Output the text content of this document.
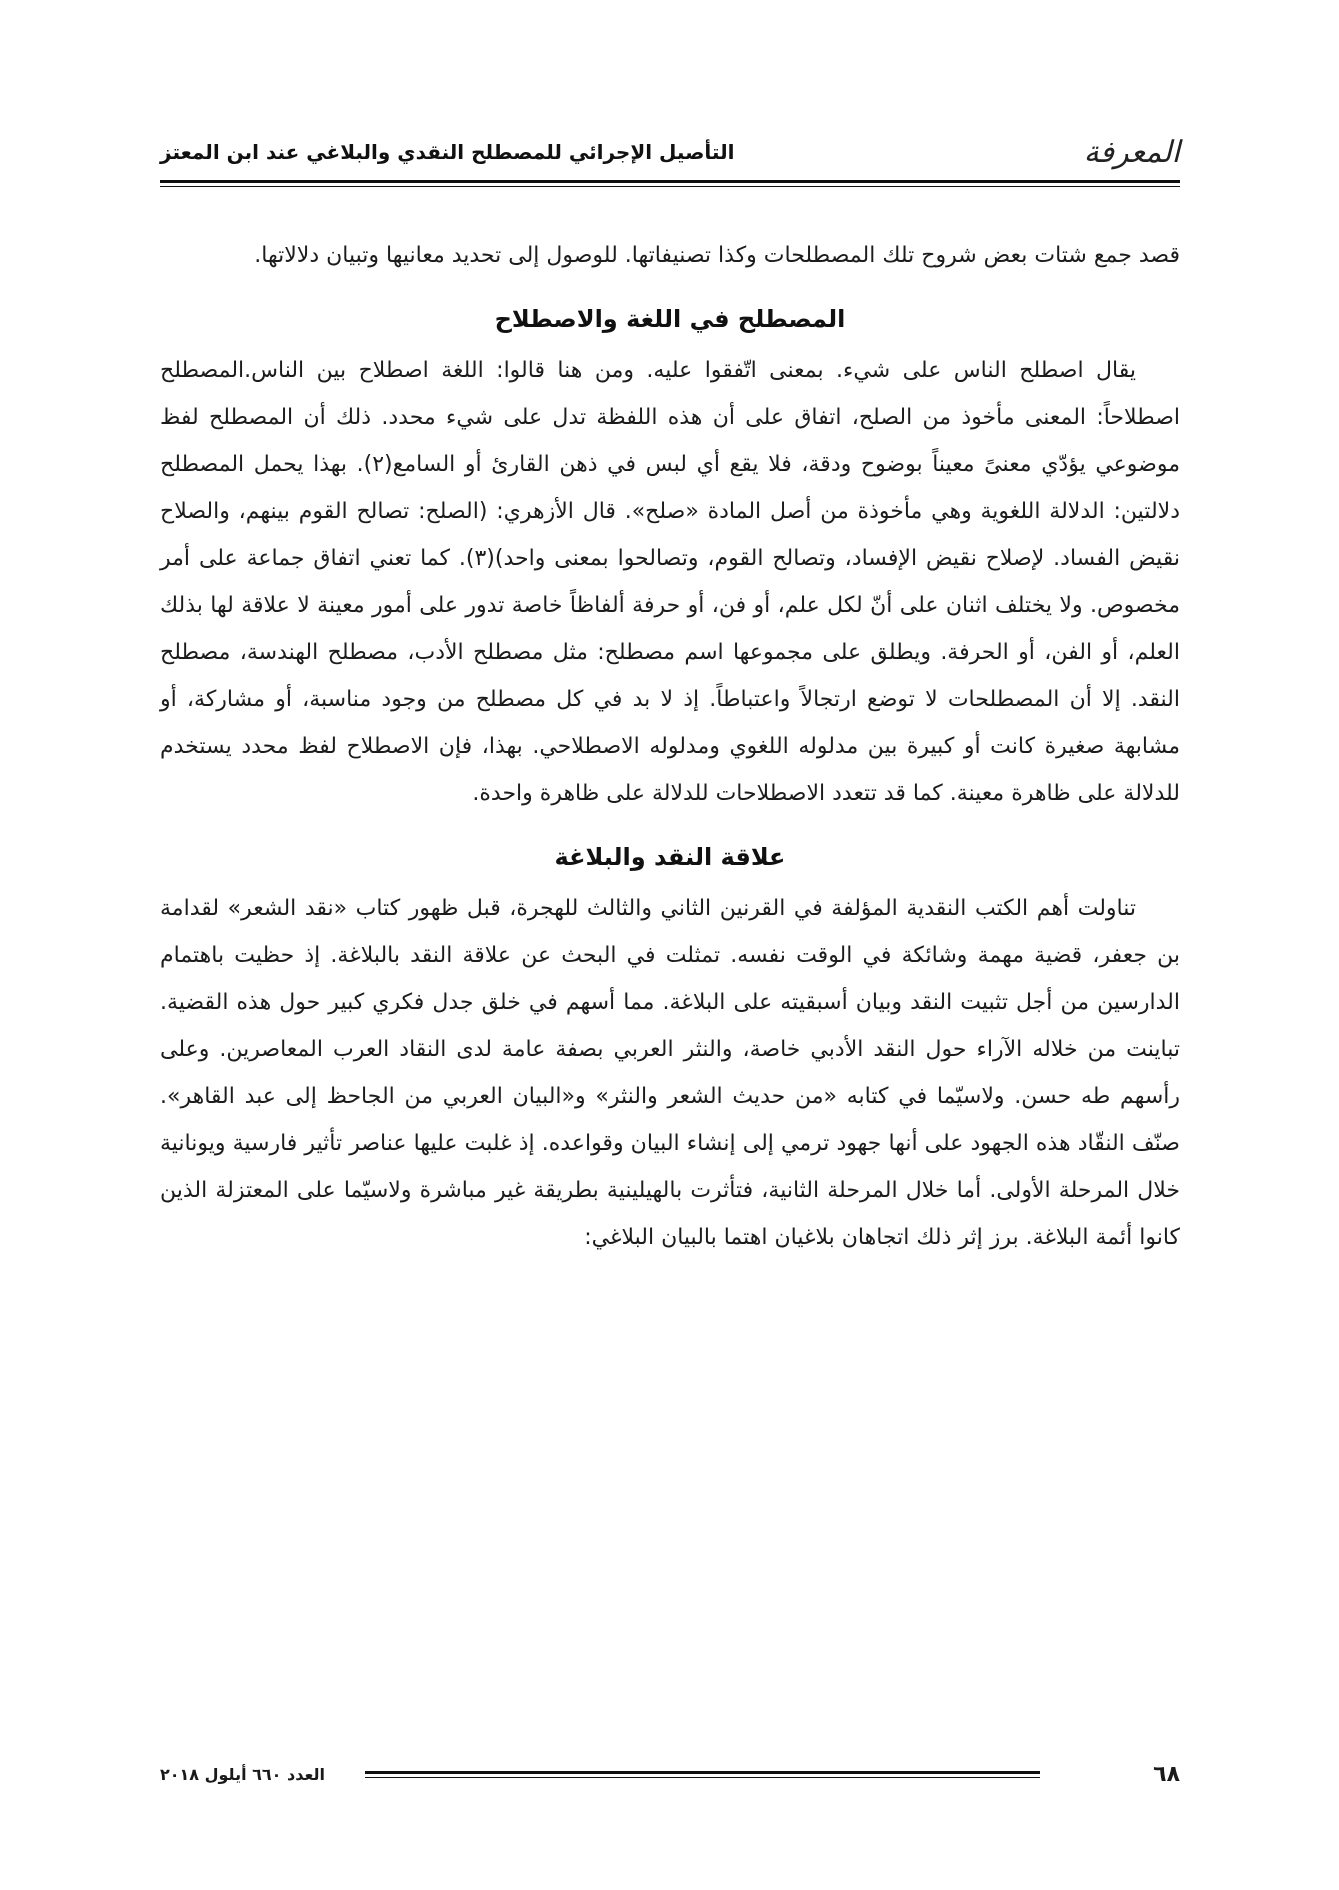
المعرفة
التأصيل الإجرائي للمصطلح النقدي والبلاغي عند ابن المعتز

قصد جمع شتات بعض شروح تلك المصطلحات وكذا تصنيفاتها. للوصول إلى تحديد معانيها وتبيان دلالاتها.

المصطلح في اللغة والاصطلاح

يقال اصطلح الناس على شيء. بمعنى اتّفقوا عليه. ومن هنا قالوا: اللغة اصطلاح بين الناس.المصطلح اصطلاحاً: المعنى مأخوذ من الصلح، اتفاق على أن هذه اللفظة تدل على شيء محدد. ذلك أن المصطلح لفظ موضوعي يؤدّي معنىً معيناً بوضوح ودقة، فلا يقع أي لبس في ذهن القارئ أو السامع(٢). بهذا يحمل المصطلح دلالتين: الدلالة اللغوية وهي مأخوذة من أصل المادة «صلح». قال الأزهري: (الصلح: تصالح القوم بينهم، والصلاح نقيض الفساد. لإصلاح نقيض الإفساد، وتصالح القوم، وتصالحوا بمعنى واحد)(٣). كما تعني اتفاق جماعة على أمر مخصوص. ولا يختلف اثنان على أنّ لكل علم، أو فن، أو حرفة ألفاظاً خاصة تدور على أمور معينة لا علاقة لها بذلك العلم، أو الفن، أو الحرفة. ويطلق على مجموعها اسم مصطلح: مثل مصطلح الأدب، مصطلح الهندسة، مصطلح النقد. إلا أن المصطلحات لا توضع ارتجالاً واعتباطاً. إذ لا بد في كل مصطلح من وجود مناسبة، أو مشاركة، أو مشابهة صغيرة كانت أو كبيرة بين مدلوله اللغوي ومدلوله الاصطلاحي. بهذا، فإن الاصطلاح لفظ محدد يستخدم للدلالة على ظاهرة معينة. كما قد تتعدد الاصطلاحات للدلالة على ظاهرة واحدة.

علاقة النقد والبلاغة

تناولت أهم الكتب النقدية المؤلفة في القرنين الثاني والثالث للهجرة، قبل ظهور كتاب «نقد الشعر» لقدامة بن جعفر، قضية مهمة وشائكة في الوقت نفسه. تمثلت في البحث عن علاقة النقد بالبلاغة. إذ حظيت باهتمام الدارسين من أجل تثبيت النقد وبيان أسبقيته على البلاغة. مما أسهم في خلق جدل فكري كبير حول هذه القضية. تباينت من خلاله الآراء حول النقد الأدبي خاصة، والنثر العربي بصفة عامة لدى النقاد العرب المعاصرين. وعلى رأسهم طه حسن. ولاسيّما في كتابه «من حديث الشعر والنثر» و«البيان العربي من الجاحظ إلى عبد القاهر». صنّف النقّاد هذه الجهود على أنها جهود ترمي إلى إنشاء البيان وقواعده. إذ غلبت عليها عناصر تأثير فارسية ويونانية خلال المرحلة الأولى. أما خلال المرحلة الثانية، فتأثرت بالهيلينية بطريقة غير مباشرة ولاسيّما على المعتزلة الذين كانوا أئمة البلاغة. برز إثر ذلك اتجاهان بلاغيان اهتما بالبيان البلاغي:

٦٨
العدد ٦٦٠ أيلول ٢٠١٨
